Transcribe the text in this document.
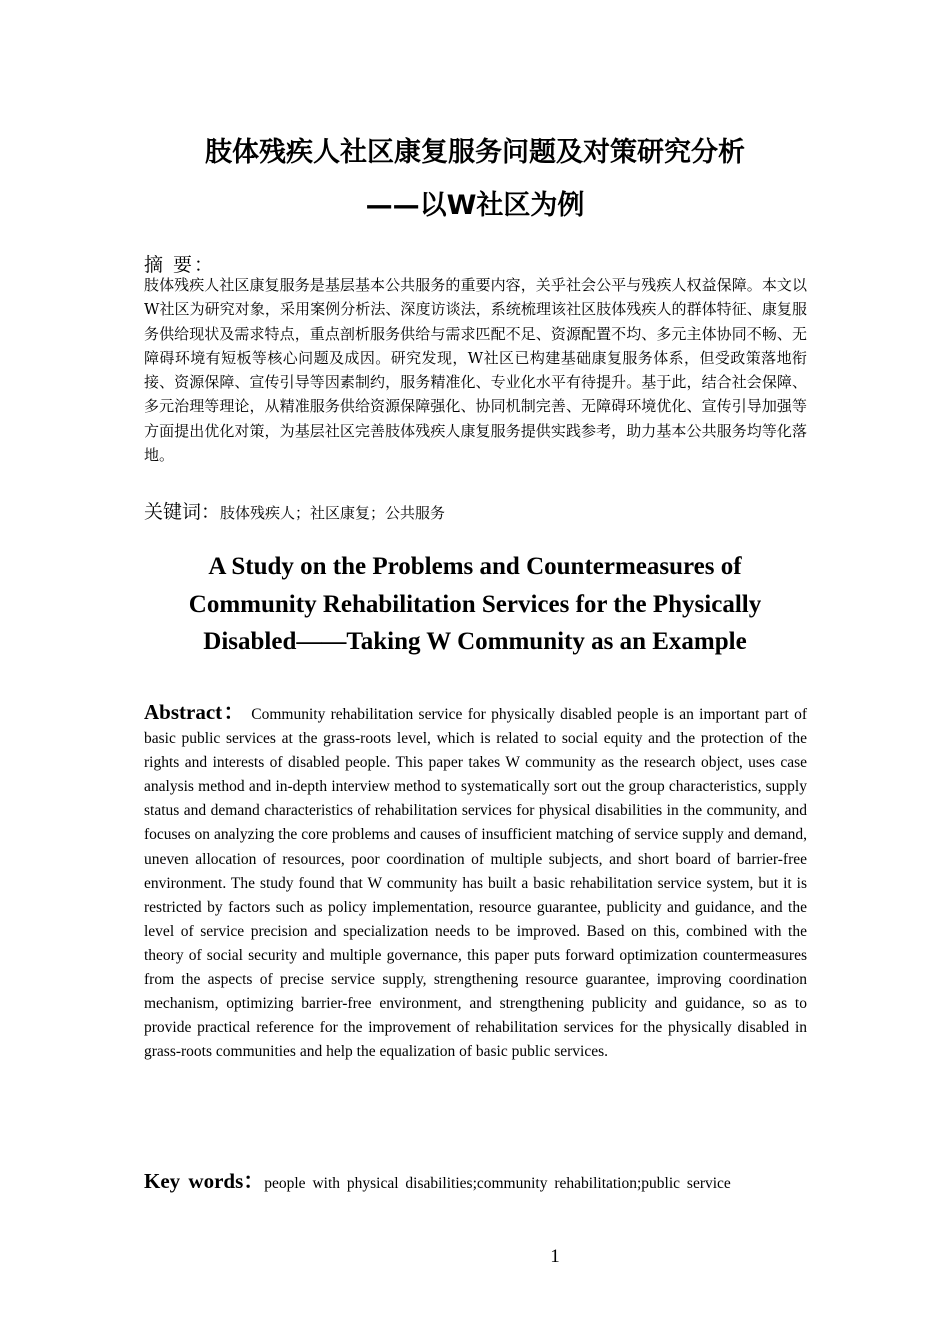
肢体残疾人社区康复服务问题及对策研究分析
——以W社区为例
摘 要：

肢体残疾人社区康复服务是基层基本公共服务的重要内容，关乎社会公平与残疾人权益保障。本文以W社区为研究对象，采用案例分析法、深度访谈法，系统梳理该社区肢体残疾人的群体特征、康复服务供给现状及需求特点，重点剖析服务供给与需求匹配不足、资源配置不均、多元主体协同不畅、无障碍环境有短板等核心问题及成因。研究发现，W社区已构建基础康复服务体系，但受政策落地衔接、资源保障、宣传引导等因素制约，服务精准化、专业化水平有待提升。基于此，结合社会保障、多元治理等理论，从精准服务供给资源保障强化、协同机制完善、无障碍环境优化、宣传引导加强等方面提出优化对策，为基层社区完善肢体残疾人康复服务提供实践参考，助力基本公共服务均等化落地。

关键词：肢体残疾人；社区康复；公共服务

A Study on the Problems and Countermeasures of Community Rehabilitation Services for the Physically Disabled——Taking W Community as an Example

Abstract： Community rehabilitation service for physically disabled people is an important part of basic public services at the grass-roots level, which is related to social equity and the protection of the rights and interests of disabled people. This paper takes W community as the research object, uses case analysis method and in-depth interview method to systematically sort out the group characteristics, supply status and demand characteristics of rehabilitation services for physical disabilities in the community, and focuses on analyzing the core problems and causes of insufficient matching of service supply and demand, uneven allocation of resources, poor coordination of multiple subjects, and short board of barrier-free environment. The study found that W community has built a basic rehabilitation service system, but it is restricted by factors such as policy implementation, resource guarantee, publicity and guidance, and the level of service precision and specialization needs to be improved. Based on this, combined with the theory of social security and multiple governance, this paper puts forward optimization countermeasures from the aspects of precise service supply, strengthening resource guarantee, improving coordination mechanism, optimizing barrier-free environment, and strengthening publicity and guidance, so as to provide practical reference for the improvement of rehabilitation services for the physically disabled in grass-roots communities and help the equalization of basic public services.

Key words：people with physical disabilities;community rehabilitation;public service
1
